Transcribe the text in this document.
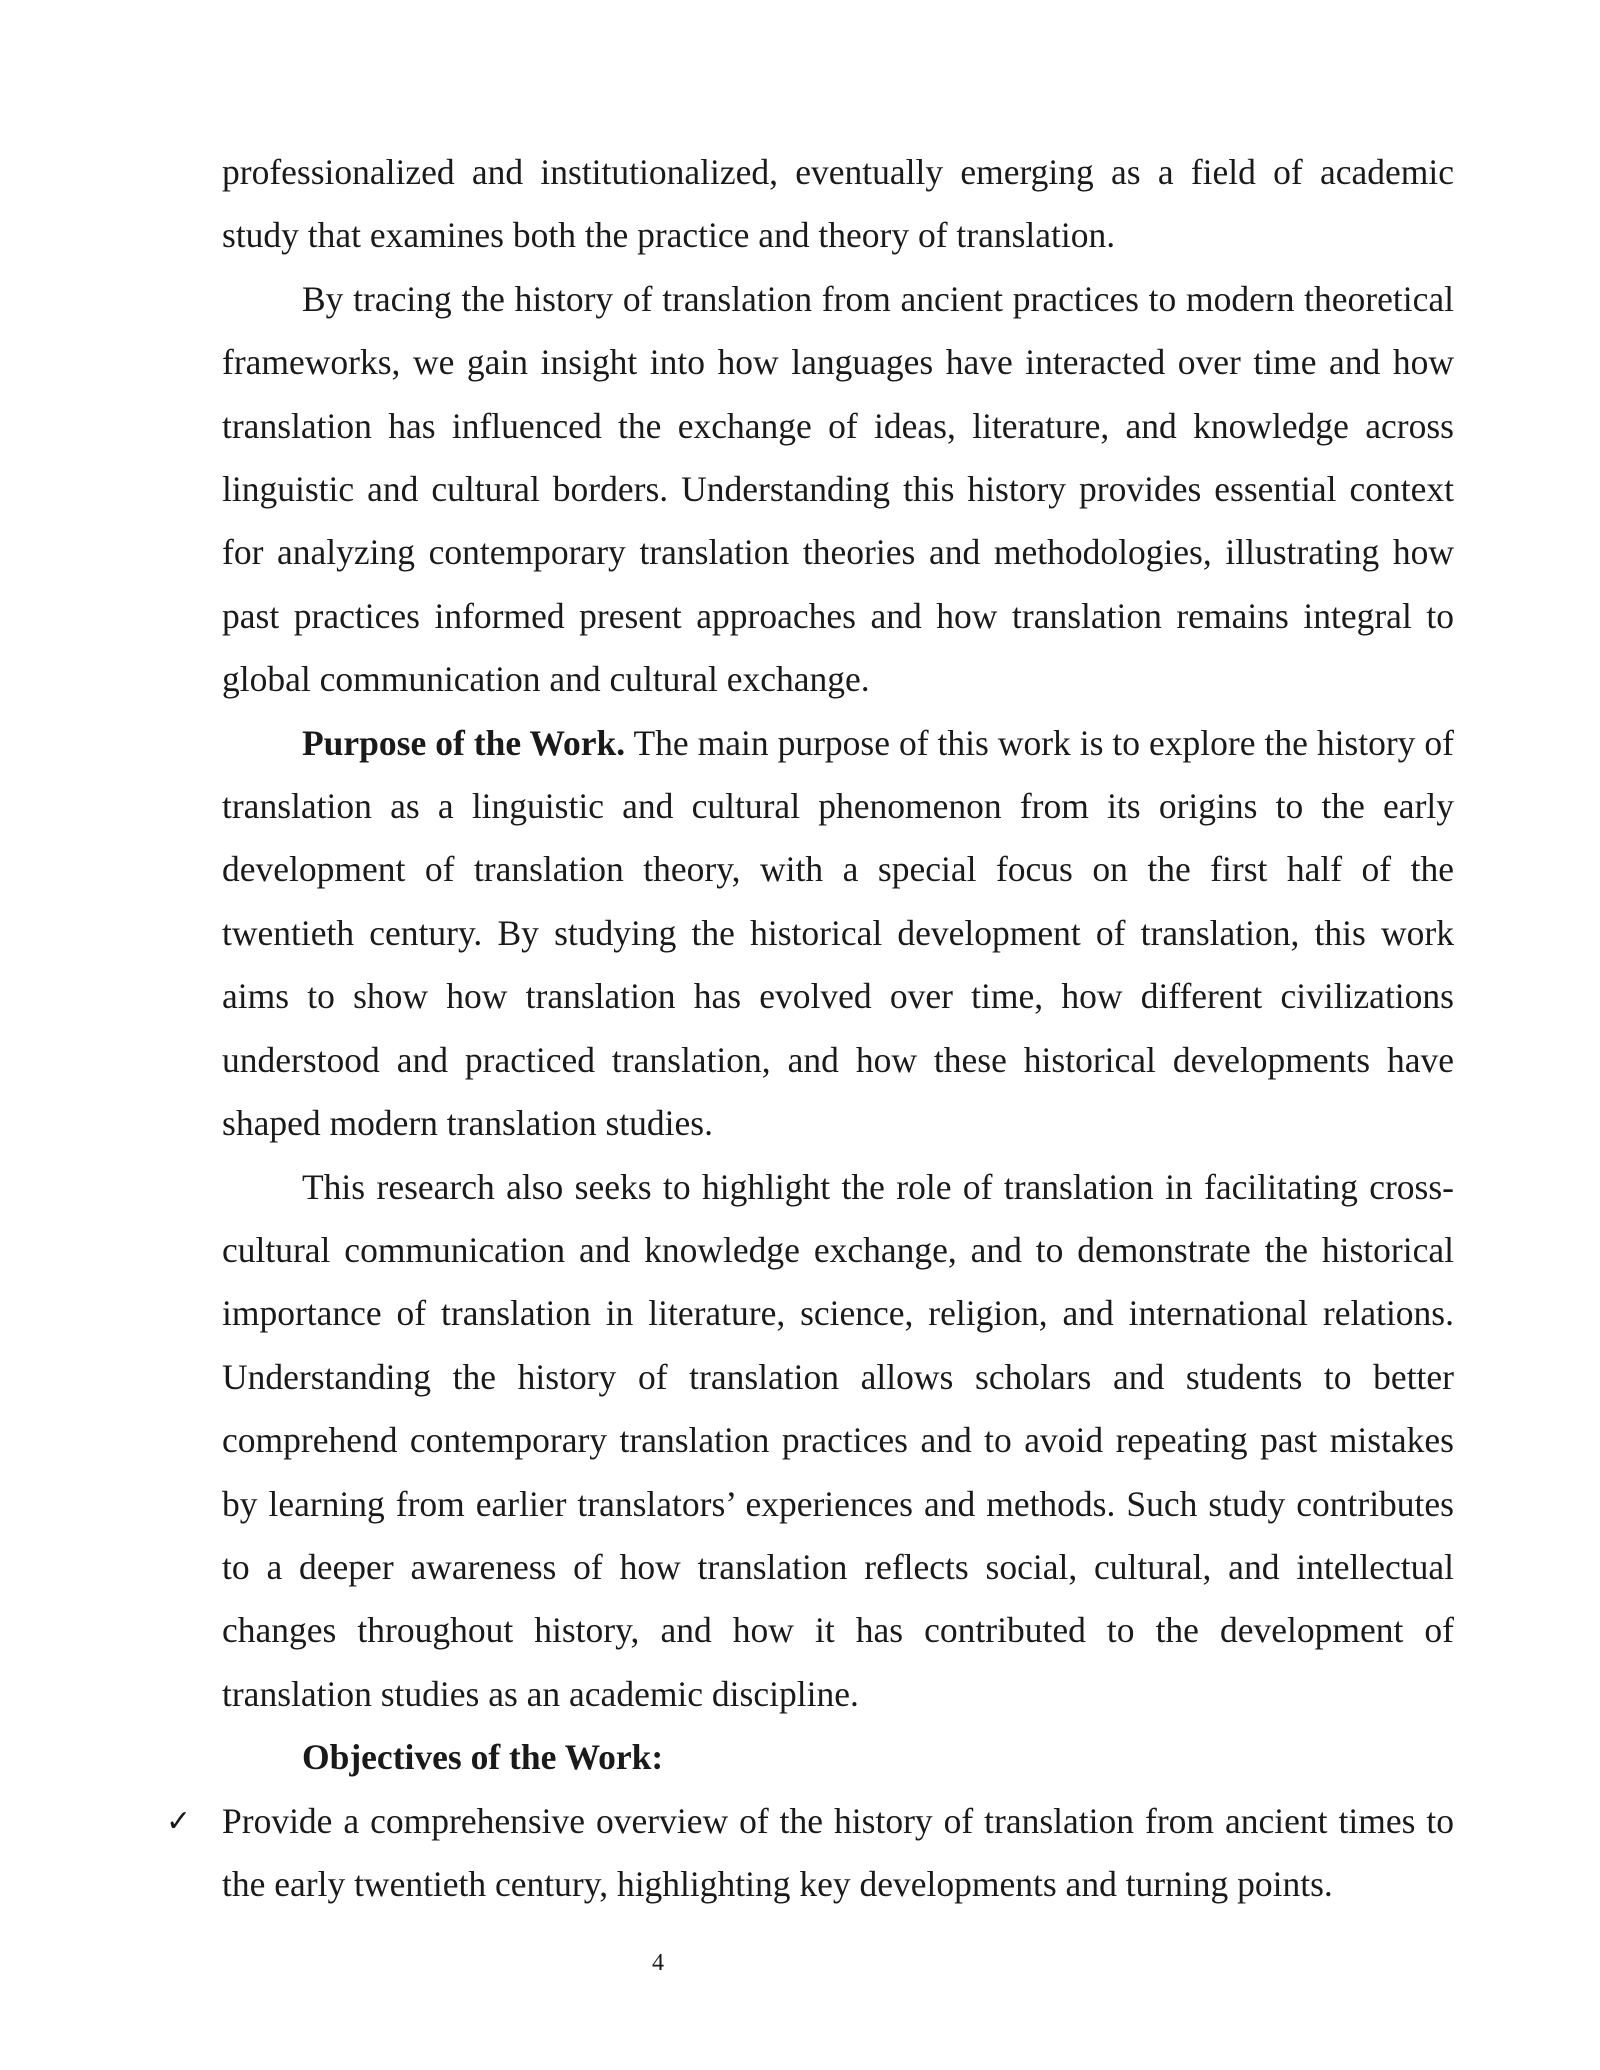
professionalized and institutionalized, eventually emerging as a field of academic study that examines both the practice and theory of translation.

By tracing the history of translation from ancient practices to modern theoretical frameworks, we gain insight into how languages have interacted over time and how translation has influenced the exchange of ideas, literature, and knowledge across linguistic and cultural borders. Understanding this history provides essential context for analyzing contemporary translation theories and methodologies, illustrating how past practices informed present approaches and how translation remains integral to global communication and cultural exchange.

Purpose of the Work. The main purpose of this work is to explore the history of translation as a linguistic and cultural phenomenon from its origins to the early development of translation theory, with a special focus on the first half of the twentieth century. By studying the historical development of translation, this work aims to show how translation has evolved over time, how different civilizations understood and practiced translation, and how these historical developments have shaped modern translation studies.

This research also seeks to highlight the role of translation in facilitating cross-cultural communication and knowledge exchange, and to demonstrate the historical importance of translation in literature, science, religion, and international relations. Understanding the history of translation allows scholars and students to better comprehend contemporary translation practices and to avoid repeating past mistakes by learning from earlier translators’ experiences and methods. Such study contributes to a deeper awareness of how translation reflects social, cultural, and intellectual changes throughout history, and how it has contributed to the development of translation studies as an academic discipline.

Objectives of the Work:

✓ Provide a comprehensive overview of the history of translation from ancient times to the early twentieth century, highlighting key developments and turning points.

4
